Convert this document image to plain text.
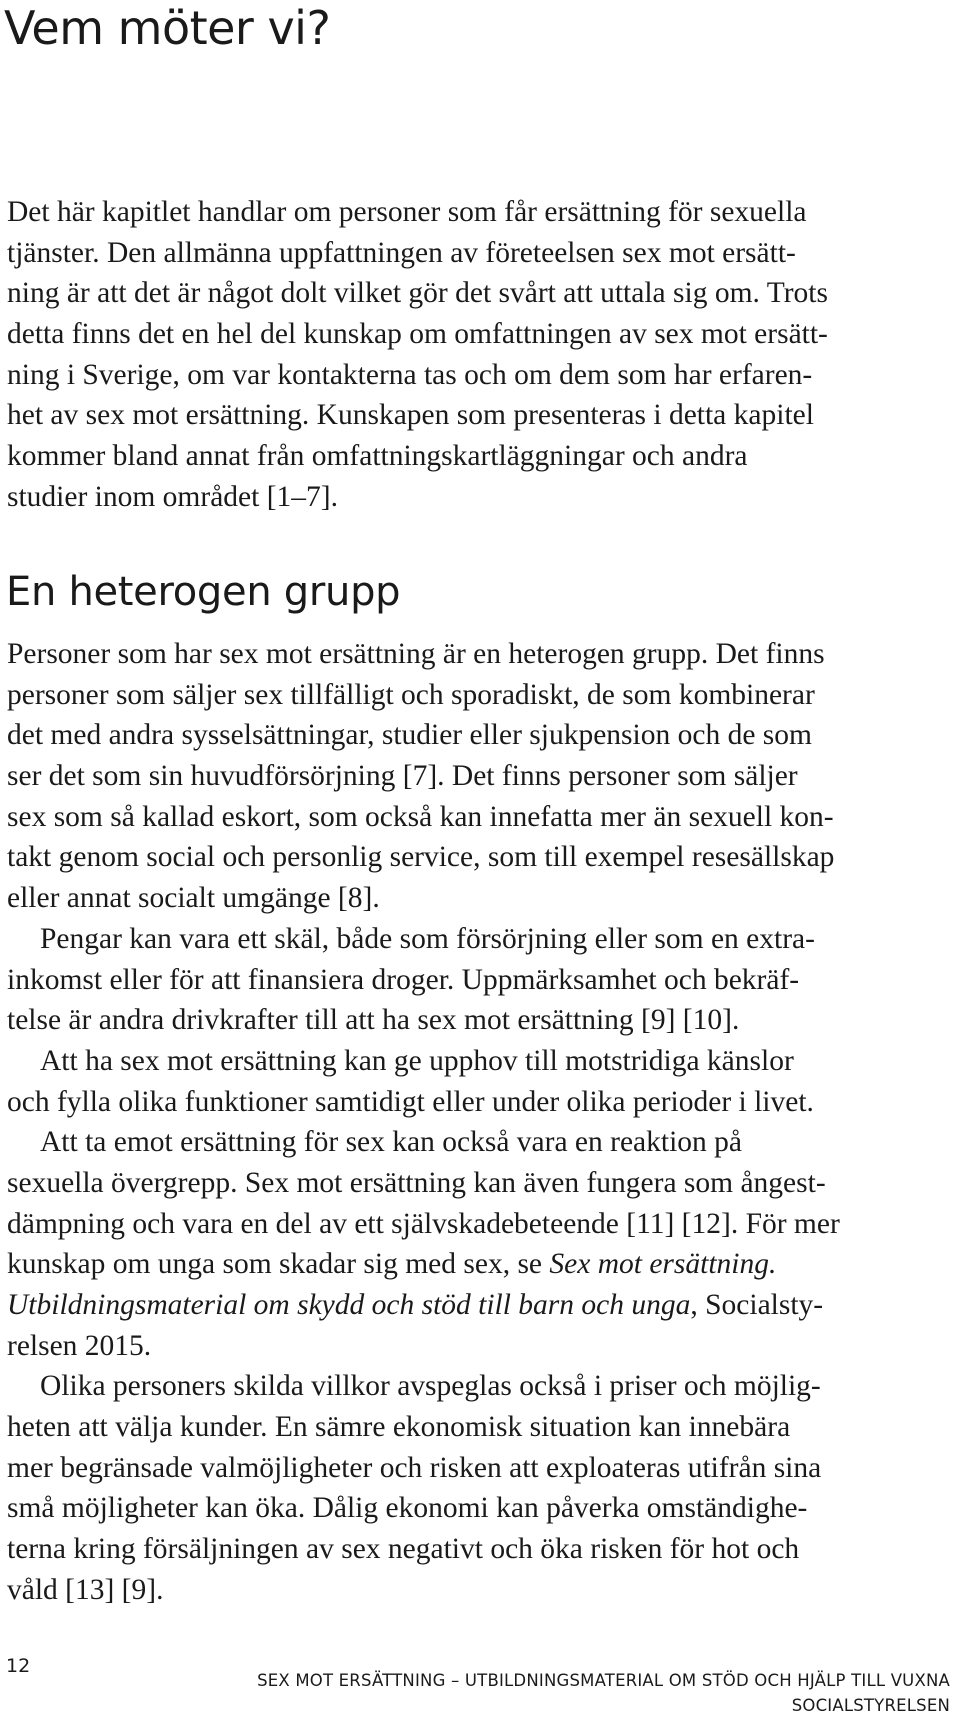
Vem möter vi?
Det här kapitlet handlar om personer som får ersättning för sexuella
tjänster. Den allmänna uppfattningen av företeelsen sex mot ersätt-
ning är att det är något dolt vilket gör det svårt att uttala sig om. Trots
detta finns det en hel del kunskap om omfattningen av sex mot ersätt-
ning i Sverige, om var kontakterna tas och om dem som har erfaren-
het av sex mot ersättning. Kunskapen som presenteras i detta kapitel
kommer bland annat från omfattningskartläggningar och andra
studier inom området [1–7].
En heterogen grupp
Personer som har sex mot ersättning är en heterogen grupp. Det finns
personer som säljer sex tillfälligt och sporadiskt, de som kombinerar
det med andra sysselsättningar, studier eller sjukpension och de som
ser det som sin huvudförsörjning [7]. Det finns personer som säljer
sex som så kallad eskort, som också kan innefatta mer än sexuell kon-
takt genom social och personlig service, som till exempel resesällskap
eller annat socialt umgänge [8].
Pengar kan vara ett skäl, både som försörjning eller som en extra-
inkomst eller för att finansiera droger. Uppmärksamhet och bekräf-
telse är andra drivkrafter till att ha sex mot ersättning [9] [10].
Att ha sex mot ersättning kan ge upphov till motstridiga känslor
och fylla olika funktioner samtidigt eller under olika perioder i livet.
Att ta emot ersättning för sex kan också vara en reaktion på
sexuella övergrepp. Sex mot ersättning kan även fungera som ångest-
dämpning och vara en del av ett självskadebeteende [11] [12]. För mer
kunskap om unga som skadar sig med sex, se Sex mot ersättning.
Utbildningsmaterial om skydd och stöd till barn och unga, Socialsty-
relsen 2015.
Olika personers skilda villkor avspeglas också i priser och möjlig-
heten att välja kunder. En sämre ekonomisk situation kan innebära
mer begränsade valmöjligheter och risken att exploateras utifrån sina
små möjligheter kan öka. Dålig ekonomi kan påverka omständighe-
terna kring försäljningen av sex negativt och öka risken för hot och
våld [13] [9].
12
SEX MOT ERSÄTTNING – UTBILDNINGSMATERIAL OM STÖD OCH HJÄLP TILL VUXNA
SOCIALSTYRELSEN
